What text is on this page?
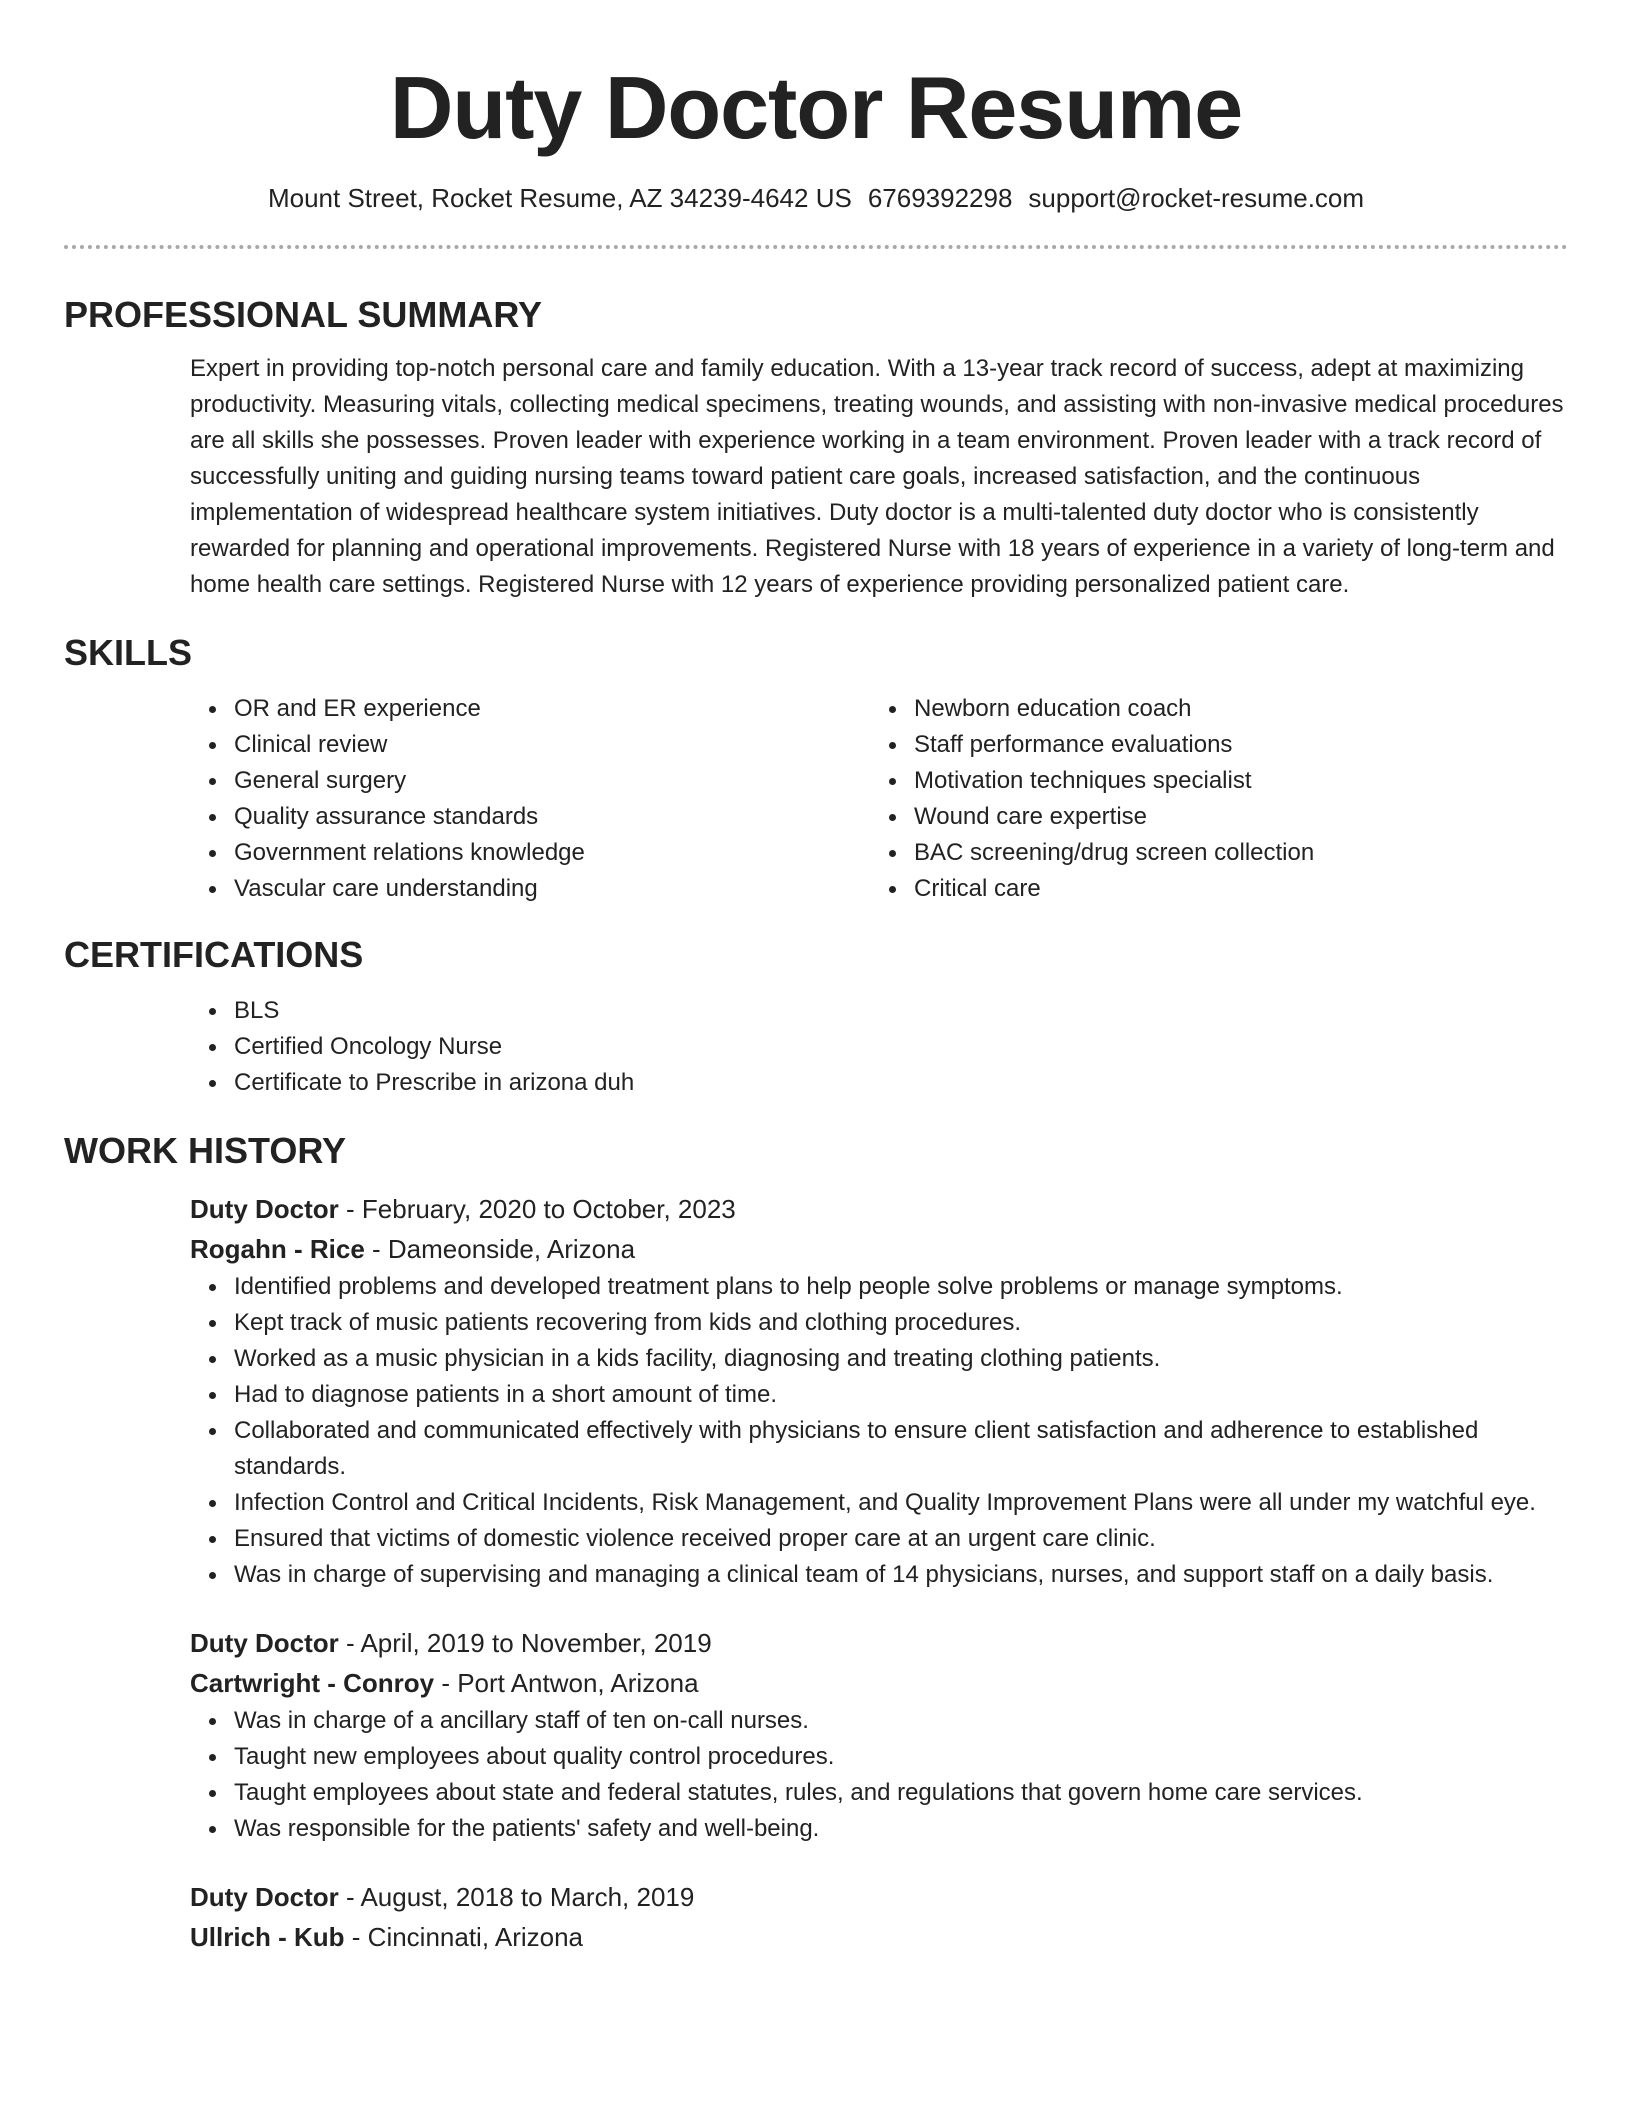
Duty Doctor Resume
Mount Street, Rocket Resume, AZ 34239-4642 US 6769392298 support@rocket-resume.com
PROFESSIONAL SUMMARY
Expert in providing top-notch personal care and family education. With a 13-year track record of success, adept at maximizing productivity. Measuring vitals, collecting medical specimens, treating wounds, and assisting with non-invasive medical procedures are all skills she possesses. Proven leader with experience working in a team environment. Proven leader with a track record of successfully uniting and guiding nursing teams toward patient care goals, increased satisfaction, and the continuous implementation of widespread healthcare system initiatives. Duty doctor is a multi-talented duty doctor who is consistently rewarded for planning and operational improvements. Registered Nurse with 18 years of experience in a variety of long-term and home health care settings. Registered Nurse with 12 years of experience providing personalized patient care.
SKILLS
OR and ER experience
Clinical review
General surgery
Quality assurance standards
Government relations knowledge
Vascular care understanding
Newborn education coach
Staff performance evaluations
Motivation techniques specialist
Wound care expertise
BAC screening/drug screen collection
Critical care
CERTIFICATIONS
BLS
Certified Oncology Nurse
Certificate to Prescribe in arizona duh
WORK HISTORY
Duty Doctor - February, 2020 to October, 2023
Rogahn - Rice - Dameonside, Arizona
Identified problems and developed treatment plans to help people solve problems or manage symptoms.
Kept track of music patients recovering from kids and clothing procedures.
Worked as a music physician in a kids facility, diagnosing and treating clothing patients.
Had to diagnose patients in a short amount of time.
Collaborated and communicated effectively with physicians to ensure client satisfaction and adherence to established standards.
Infection Control and Critical Incidents, Risk Management, and Quality Improvement Plans were all under my watchful eye.
Ensured that victims of domestic violence received proper care at an urgent care clinic.
Was in charge of supervising and managing a clinical team of 14 physicians, nurses, and support staff on a daily basis.
Duty Doctor - April, 2019 to November, 2019
Cartwright - Conroy - Port Antwon, Arizona
Was in charge of a ancillary staff of ten on-call nurses.
Taught new employees about quality control procedures.
Taught employees about state and federal statutes, rules, and regulations that govern home care services.
Was responsible for the patients' safety and well-being.
Duty Doctor - August, 2018 to March, 2019
Ullrich - Kub - Cincinnati, Arizona
